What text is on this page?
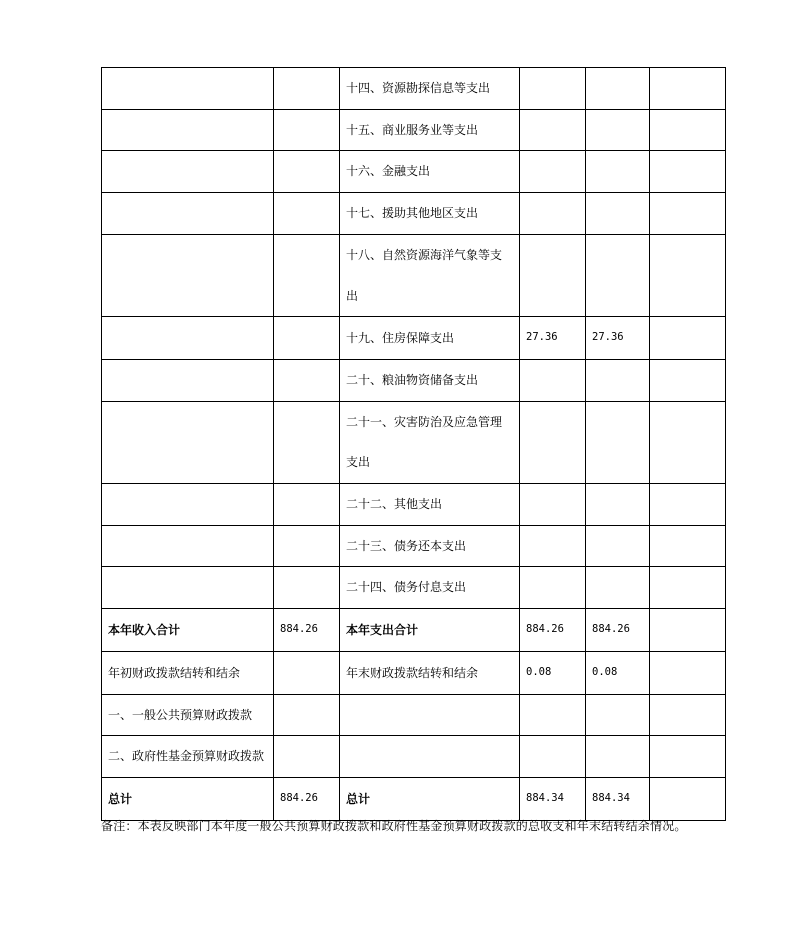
		十四、资源勘探信息等支出			
		十五、商业服务业等支出			
		十六、金融支出			
		十七、援助其他地区支出			
		十八、自然资源海洋气象等支出			
		十九、住房保障支出	27.36	27.36	
		二十、粮油物资储备支出			
		二十一、灾害防治及应急管理支出			
		二十二、其他支出			
		二十三、债务还本支出			
		二十四、债务付息支出			
本年收入合计	884.26	本年支出合计	884.26	884.26	
年初财政拨款结转和结余		年末财政拨款结转和结余	0.08	0.08	
一、一般公共预算财政拨款					
二、政府性基金预算财政拨款					
总计	884.26	总计	884.34	884.34	
备注：本表反映部门本年度一般公共预算财政拨款和政府性基金预算财政拨款的总收支和年末结转结余情况。
